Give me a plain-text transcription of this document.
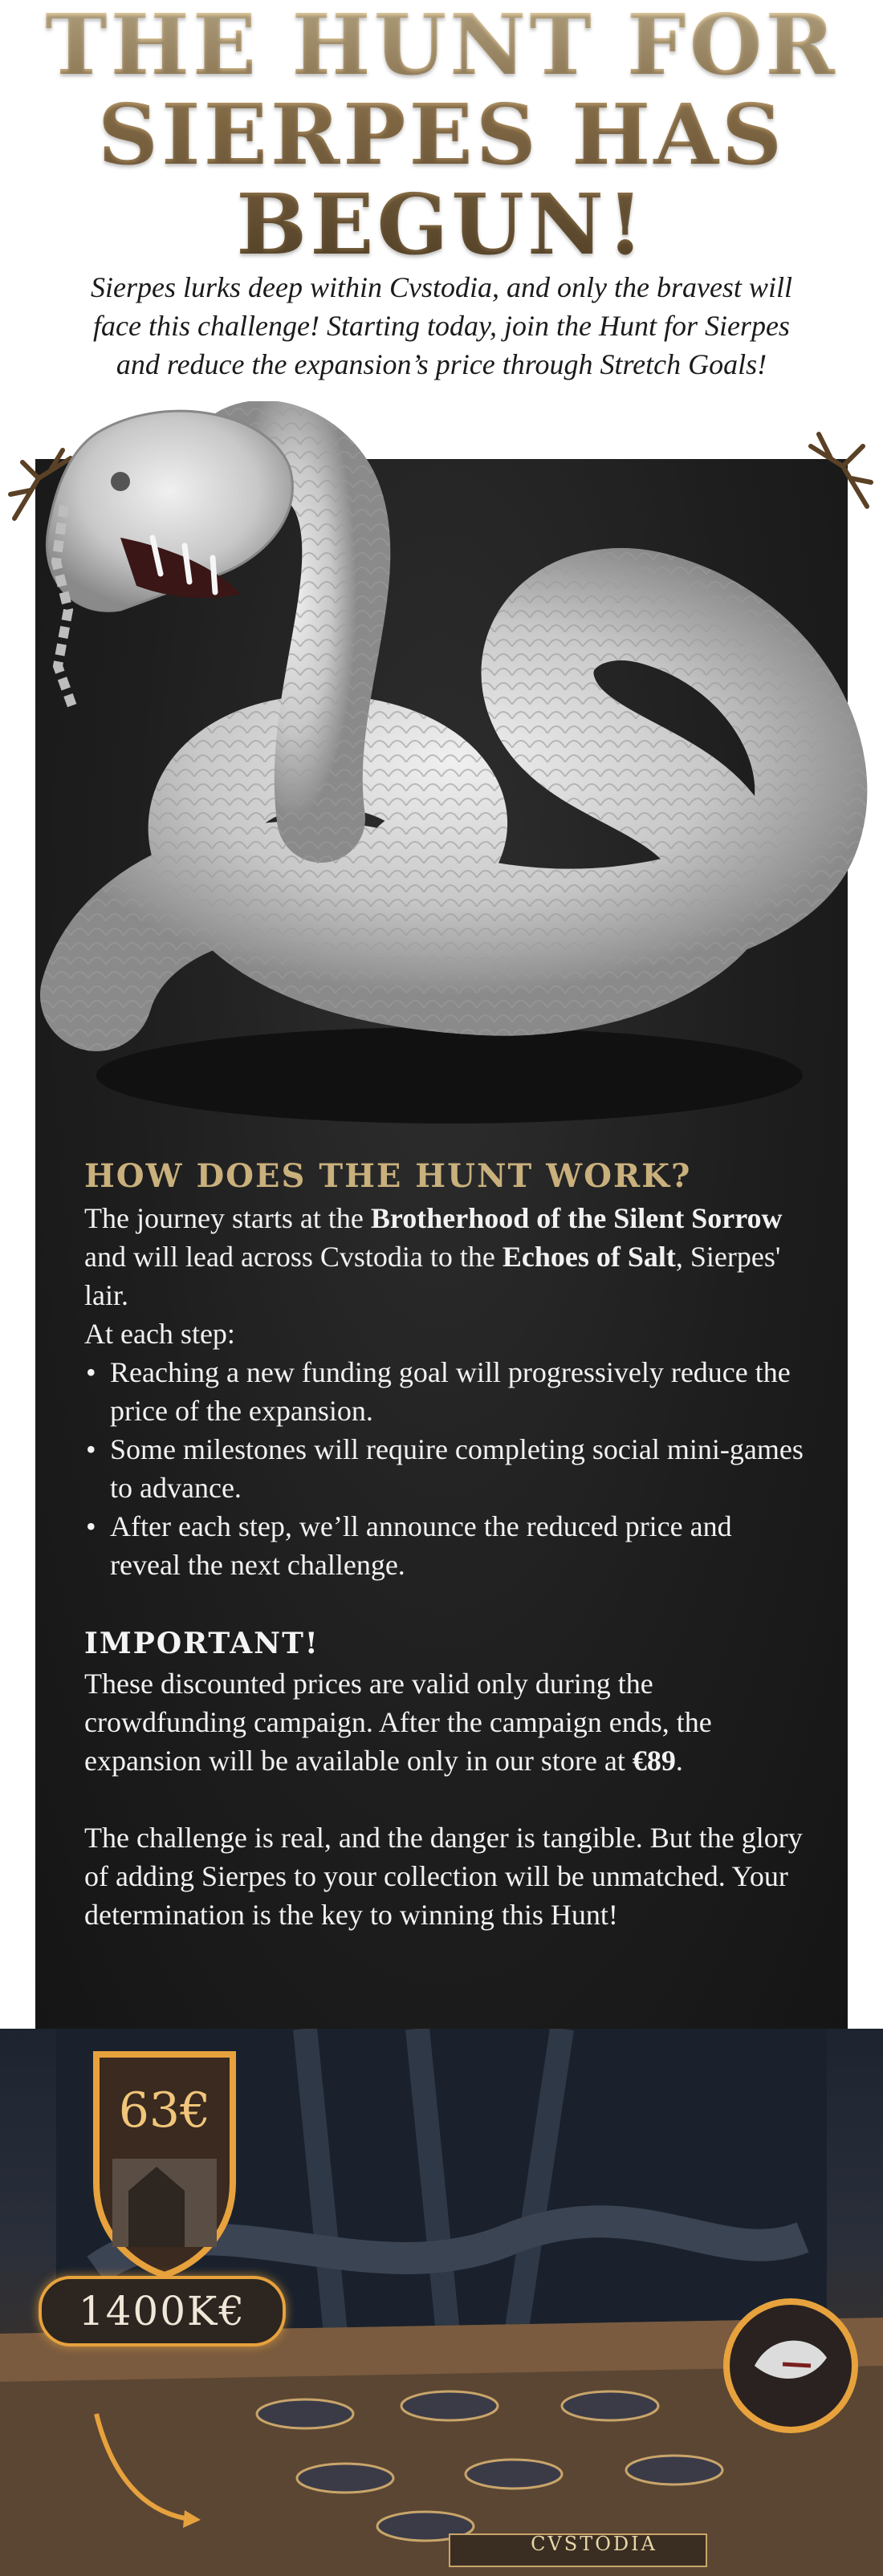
THE HUNT FOR
SIERPES HAS
BEGUN!
Sierpes lurks deep within Cvstodia, and only the bravest will face this challenge! Starting today, join the Hunt for Sierpes and reduce the expansion’s price through Stretch Goals!
HOW DOES THE HUNT WORK?

The journey starts at the Brotherhood of the Silent Sorrow and will lead across Cvstodia to the Echoes of Salt, Sierpes' lair.

At each step:

• Reaching a new funding goal will progressively reduce the price of the expansion.
• Some milestones will require completing social mini-games to advance.
• After each step, we’ll announce the reduced price and reveal the next challenge.
IMPORTANT!

These discounted prices are valid only during the crowdfunding campaign. After the campaign ends, the expansion will be available only in our store at €89.

The challenge is real, and the danger is tangible. But the glory of adding Sierpes to your collection will be unmatched. Your determination is the key to winning this Hunt!

63€
1400K€
CVSTODIA
